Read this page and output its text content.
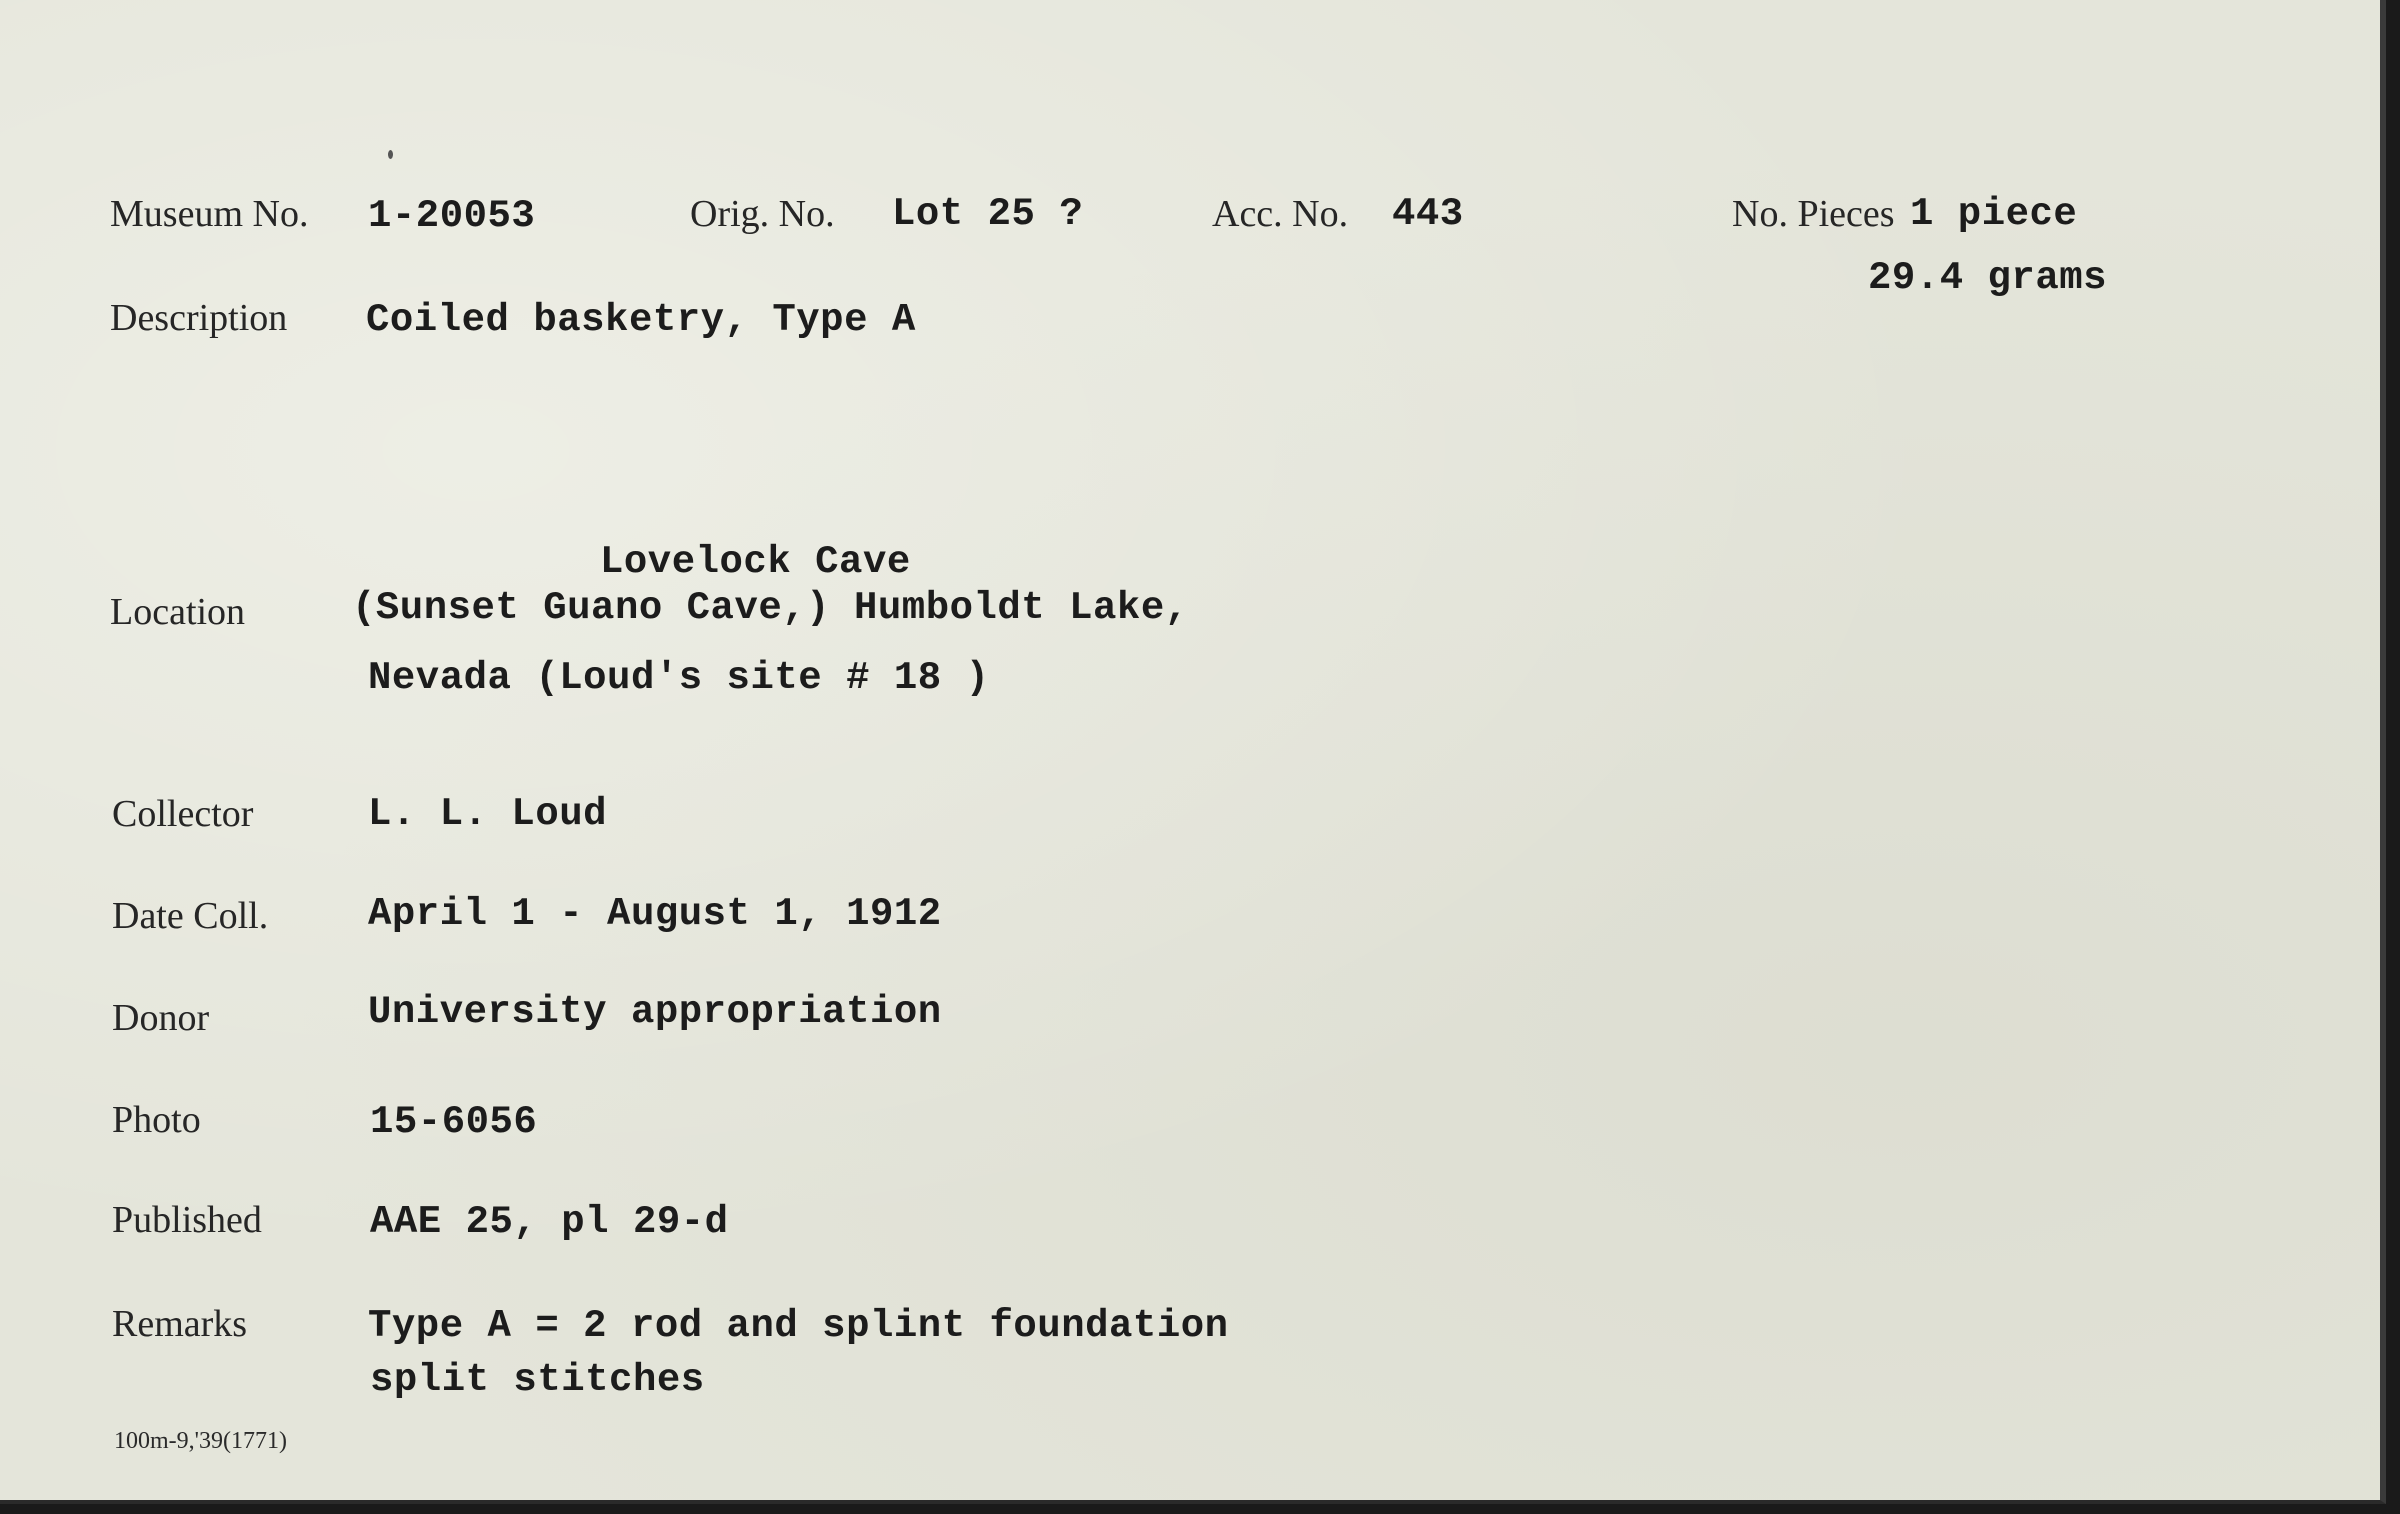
Museum No. 1-20053	Orig. No. Lot 25 ?	Acc. No. 443	No. Pieces 1 piece
29.4 grams
Description Coiled basketry, Type A
Lovelock Cave
Location	(Sunset Guano Cave,) Humboldt Lake,
Nevada (Loud's site # 18 )
Collector	L. L. Loud
Date Coll.	April 1 - August 1, 1912
Donor	University appropriation
Photo	15-6056
Published	AAE 25, pl 29-d
Remarks	Type A = 2 rod and splint foundation
split stitches
100m-9,'39(1771)
